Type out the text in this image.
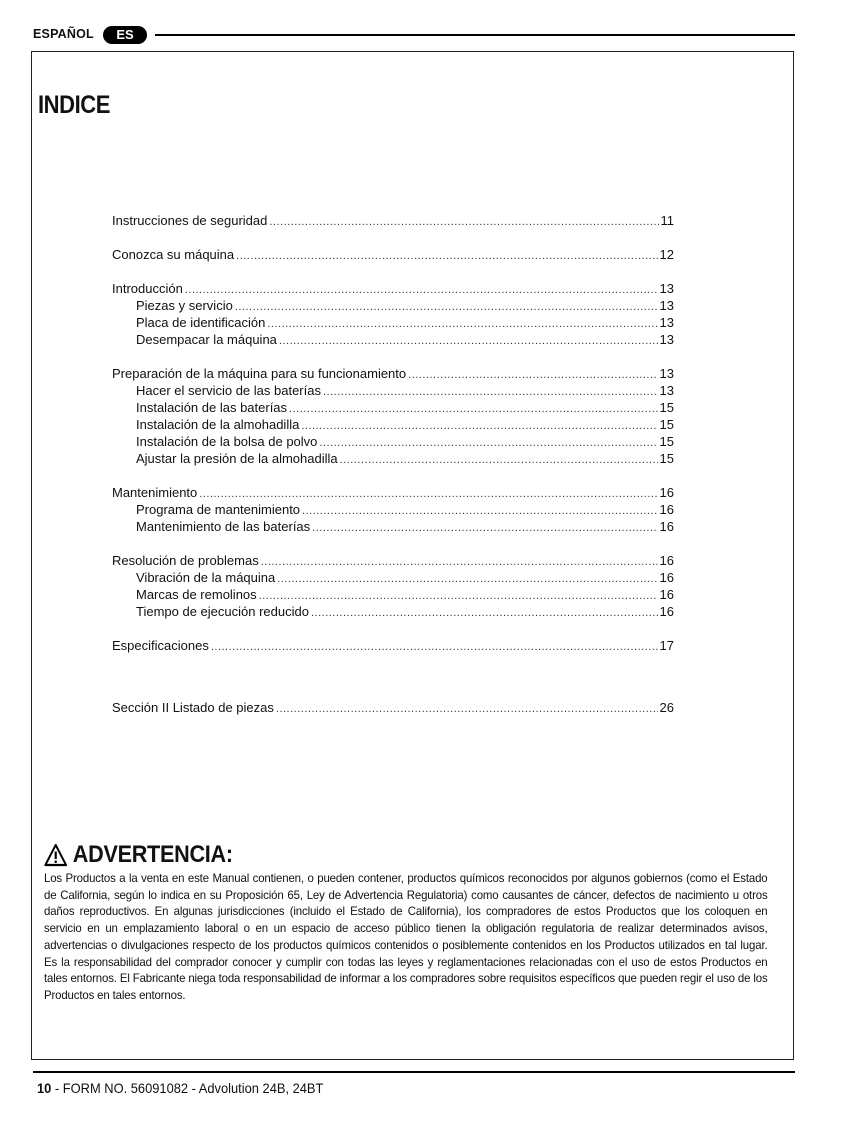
ESPAÑOL	ES
INDICE
Instrucciones de seguridad .....	11
Conozca su máquina .....	12
Introducción .....	13
Piezas y servicio .....	13
Placa de identificación .....	13
Desempacar la máquina .....	13
Preparación de la máquina para su funcionamiento .....	13
Hacer el servicio de las baterías .....	13
Instalación de las baterías .....	15
Instalación de la almohadilla .....	15
Instalación de la bolsa de polvo .....	15
Ajustar la presión de la almohadilla .....	15
Mantenimiento .....	16
Programa de mantenimiento .....	16
Mantenimiento de las baterías .....	16
Resolución de problemas .....	16
Vibración de la máquina .....	16
Marcas de remolinos .....	16
Tiempo de ejecución reducido .....	16
Especificaciones .....	17
Sección II Listado de piezas .....	26
ADVERTENCIA:
Los Productos a la venta en este Manual contienen, o pueden contener, productos químicos reconocidos por algunos gobiernos (como el Estado de California, según lo indica en su Proposición 65, Ley de Advertencia Regulatoria) como causantes de cáncer, defectos de nacimiento u otros daños reproductivos. En algunas jurisdicciones (incluido el Estado de California), los compradores de estos Productos que los coloquen en servicio en un emplazamiento laboral o en un espacio de acceso público tienen la obligación regulatoria de realizar determinados avisos, advertencias o divulgaciones respecto de los productos químicos contenidos o posiblemente contenidos en los Productos utilizados en tal lugar. Es la responsabilidad del comprador conocer y cumplir con todas las leyes y reglamentaciones relacionadas con el uso de estos Productos en tales entornos. El Fabricante niega toda responsabilidad de informar a los compradores sobre requisitos específicos que pueden regir el uso de los Productos en tales entornos.
10 - FORM NO. 56091082 - Advolution 24B, 24BT
